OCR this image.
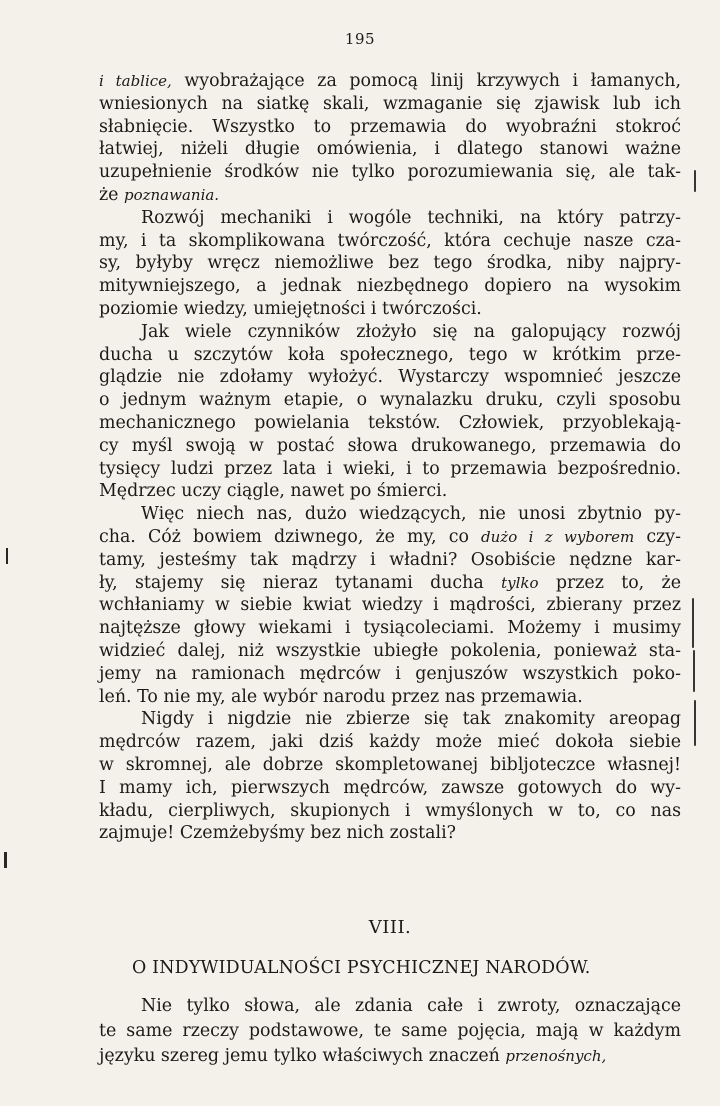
195

i tablice, wyobrażające za pomocą linij krzywych i łamanych,
wniesionych na siatkę skali, wzmaganie się zjawisk lub ich
słabnięcie. Wszystko to przemawia do wyobraźni stokroć
łatwiej, niżeli długie omówienia, i dlatego stanowi ważne
uzupełnienie środków nie tylko porozumiewania się, ale tak-
że poznawania.

Rozwój mechaniki i wogóle techniki, na który patrzy-
my, i ta skomplikowana twórczość, która cechuje nasze cza-
sy, byłyby wręcz niemożliwe bez tego środka, niby najpry-
mitywniejszego, a jednak niezbędnego dopiero na wysokim
poziomie wiedzy, umiejętności i twórczości.

Jak wiele czynników złożyło się na galopujący rozwój
ducha u szczytów koła społecznego, tego w krótkim prze-
glądzie nie zdołamy wyłożyć. Wystarczy wspomnieć jeszcze
o jednym ważnym etapie, o wynalazku druku, czyli sposobu
mechanicznego powielania tekstów. Człowiek, przyoblekają-
cy myśl swoją w postać słowa drukowanego, przemawia do
tysięcy ludzi przez lata i wieki, i to przemawia bezpośrednio.
Mędrzec uczy ciągle, nawet po śmierci.

Więc niech nas, dużo wiedzących, nie unosi zbytnio py-
cha. Cóż bowiem dziwnego, że my, co dużo i z wyborem czy-
tamy, jesteśmy tak mądrzy i władni? Osobiście nędzne kar-
ły, stajemy się nieraz tytanami ducha tylko przez to, że
wchłaniamy w siebie kwiat wiedzy i mądrości, zbierany przez
najtęższe głowy wiekami i tysiącoleciami. Możemy i musimy
widzieć dalej, niż wszystkie ubiegłe pokolenia, ponieważ sta-
jemy na ramionach mędrców i genjuszów wszystkich poko-
leń. To nie my, ale wybór narodu przez nas przemawia.

Nigdy i nigdzie nie zbierze się tak znakomity areopag
mędrców razem, jaki dziś każdy może mieć dokoła siebie
w skromnej, ale dobrze skompletowanej bibljoteczce własnej!
I mamy ich, pierwszych mędrców, zawsze gotowych do wy-
kładu, cierpliwych, skupionych i wmyślonych w to, co nas
zajmuje! Czemżebyśmy bez nich zostali?

VIII.
O INDYWIDUALNOŚCI PSYCHICZNEJ NARODÓW.

Nie tylko słowa, ale zdania całe i zwroty, oznaczające
te same rzeczy podstawowe, te same pojęcia, mają w każdym
języku szereg jemu tylko właściwych znaczeń przenośnych,
